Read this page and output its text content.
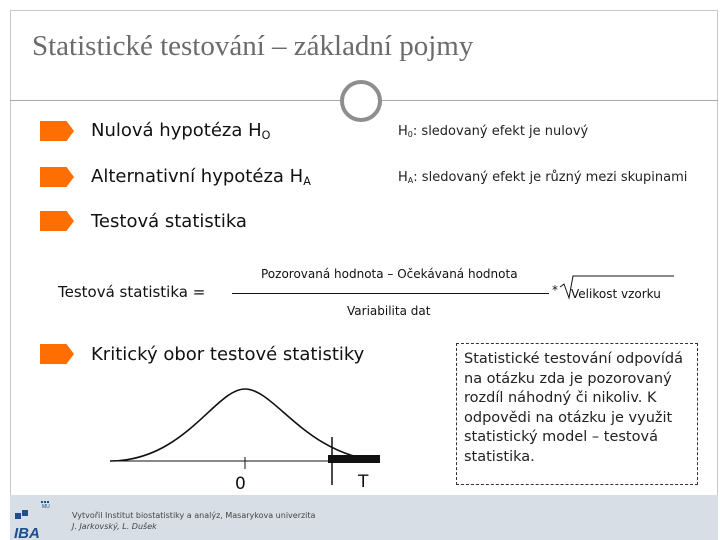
Statistické testování – základní pojmy
Nulová hypotéza $H_O$	$H_0$: sledovaný efekt je nulový
Alternativní hypotéza $H_A$	$H_A$: sledovaný efekt je různý mezi skupinami
Testová statistika
Testová statistika =
Pozorovaná hodnota – Očekávaná hodnota
Variabilita dat
* Velikost vzorku
Kritický obor testové statistiky
0	T
Statistické testování odpovídá na otázku zda je pozorovaný rozdíl náhodný či nikoliv. K odpovědi na otázku je využit statistický model – testová statistika.
IBA
MU
Vytvořil Institut biostatistiky a analýz, Masarykova univerzita
J. Jarkovský, L. Dušek
